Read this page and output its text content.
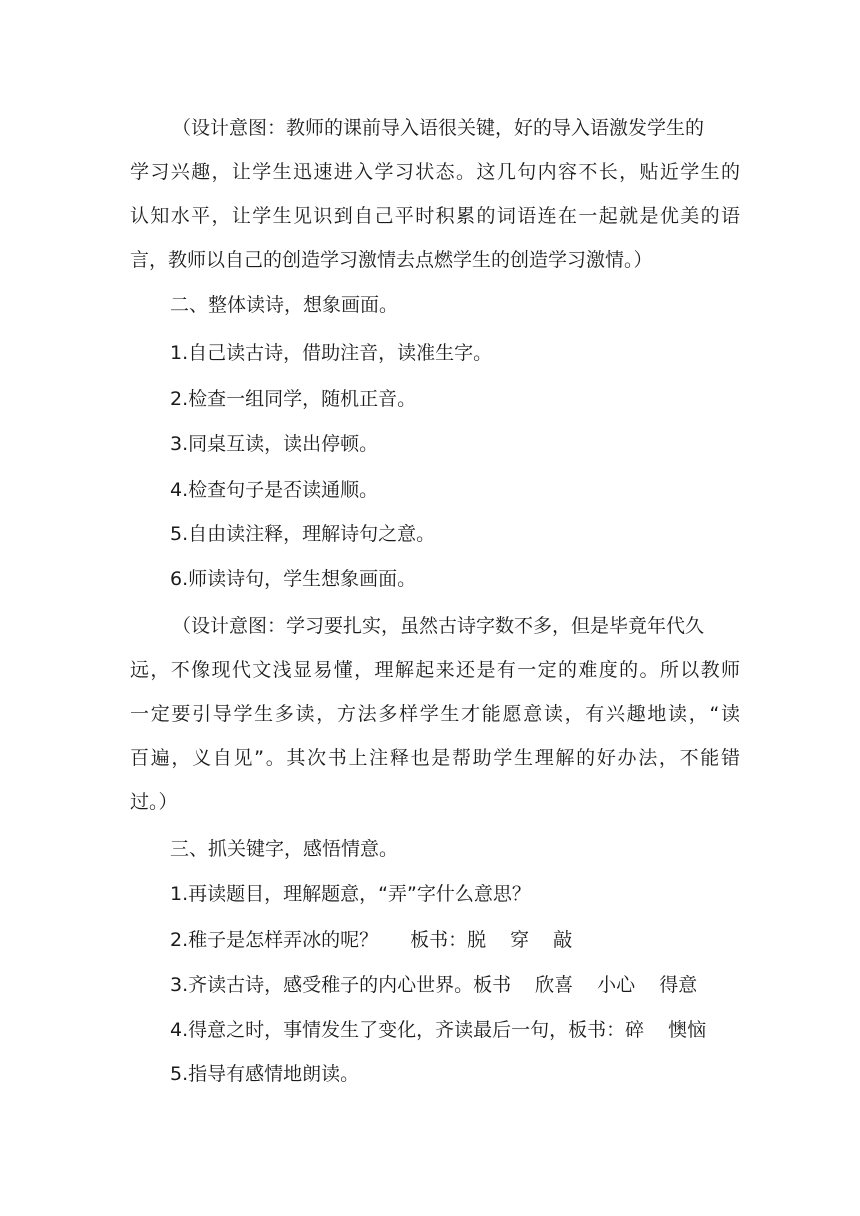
（设计意图：教师的课前导入语很关键，好的导入语激发学生的
学习兴趣，让学生迅速进入学习状态。这几句内容不长，贴近学生的
认知水平，让学生见识到自己平时积累的词语连在一起就是优美的语
言，教师以自己的创造学习激情去点燃学生的创造学习激情。）
二、整体读诗，想象画面。
1.自己读古诗，借助注音，读准生字。
2.检查一组同学，随机正音。
3.同桌互读，读出停顿。
4.检查句子是否读通顺。
5.自由读注释，理解诗句之意。
6.师读诗句，学生想象画面。
（设计意图：学习要扎实，虽然古诗字数不多，但是毕竟年代久
远，不像现代文浅显易懂，理解起来还是有一定的难度的。所以教师
一定要引导学生多读，方法多样学生才能愿意读，有兴趣地读，“读
百遍，义自见”。其次书上注释也是帮助学生理解的好办法，不能错
过。）
三、抓关键字，感悟情意。
1.再读题目，理解题意，“弄”字什么意思？
2.稚子是怎样弄冰的呢？ 板书：脱 穿 敲
3.齐读古诗，感受稚子的内心世界。板书 欣喜 小心 得意
4.得意之时，事情发生了变化，齐读最后一句，板书：碎 懊恼
5.指导有感情地朗读。
